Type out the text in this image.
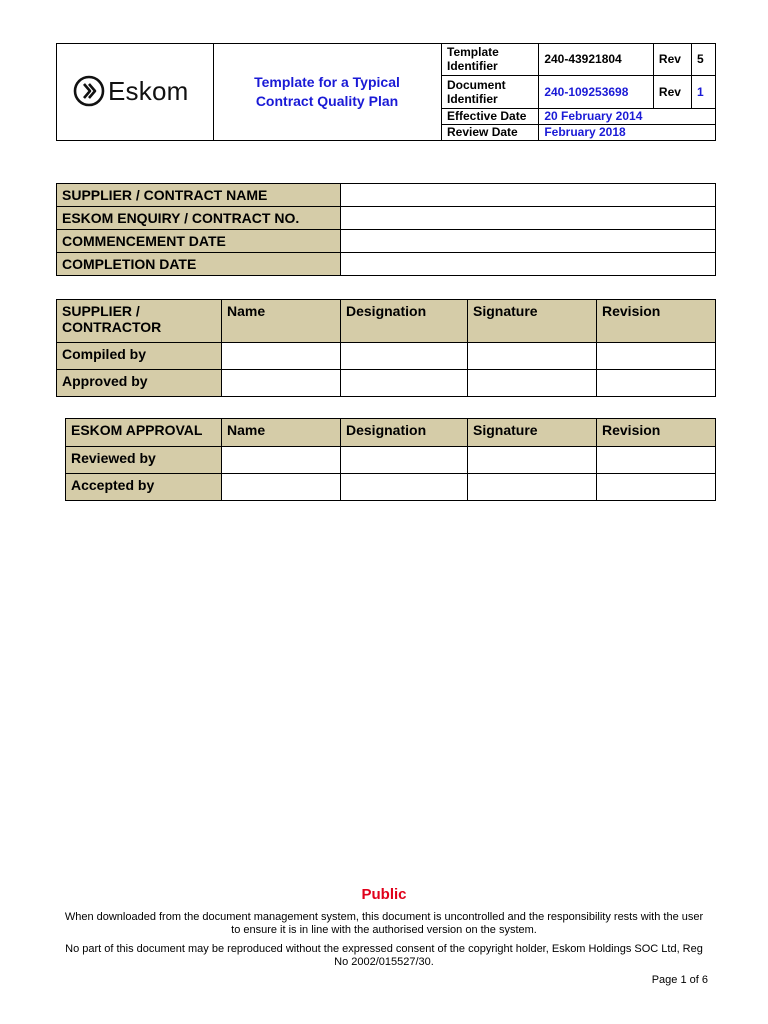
Eskom	Template for a Typical Contract Quality Plan
Template Identifier	240-43921804	Rev	5
Document Identifier	240-109253698	Rev	1
Effective Date	20 February 2014		
Review Date	February 2018		
SUPPLIER / CONTRACT NAME	
ESKOM ENQUIRY / CONTRACT NO.	
COMMENCEMENT DATE	
COMPLETION DATE	
SUPPLIER / CONTRACTOR	Name	Designation	Signature	Revision
Compiled by				
Approved by				
ESKOM APPROVAL	Name	Designation	Signature	Revision
Reviewed by				
Accepted by				
Public
When downloaded from the document management system, this document is uncontrolled and the responsibility rests with the user to ensure it is in line with the authorised version on the system.
No part of this document may be reproduced without the expressed consent of the copyright holder, Eskom Holdings SOC Ltd, Reg No 2002/015527/30.
Page 1 of 6
